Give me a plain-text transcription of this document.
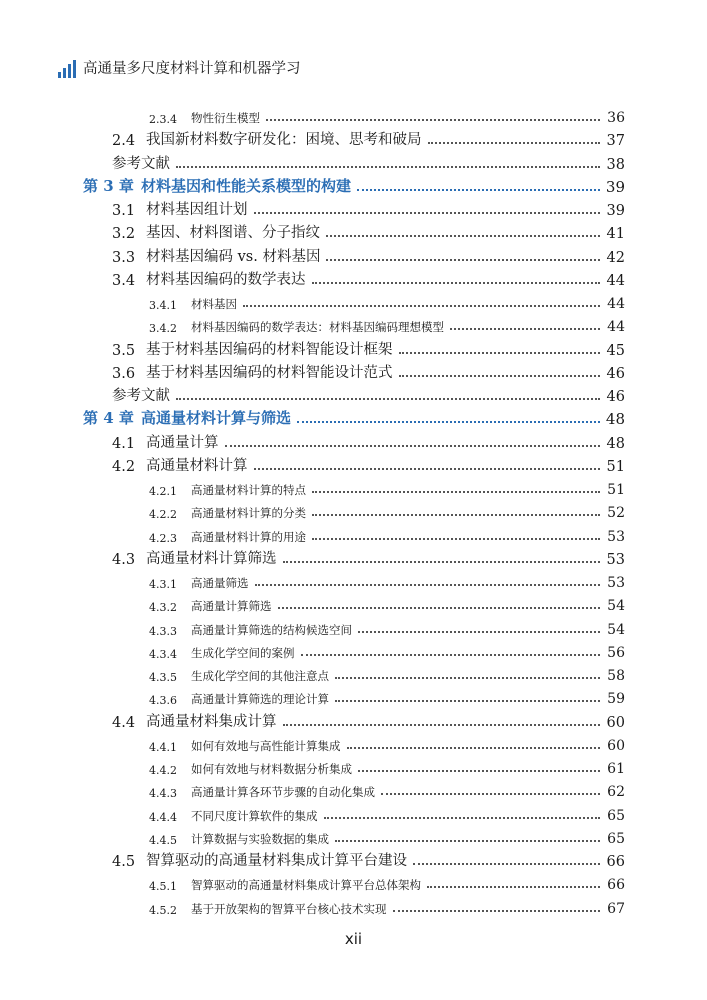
高通量多尺度材料计算和机器学习
2.3.4	物性衍生模型	36
2.4 我国新材料数字研发化：困境、思考和破局	37
参考文献	38
第 3 章 材料基因和性能关系模型的构建	39
3.1 材料基因组计划	39
3.2 基因、材料图谱、分子指纹	41
3.3 材料基因编码 vs. 材料基因	42
3.4 材料基因编码的数学表达	44
3.4.1	材料基因	44
3.4.2	材料基因编码的数学表达：材料基因编码理想模型	44
3.5 基于材料基因编码的材料智能设计框架	45
3.6 基于材料基因编码的材料智能设计范式	46
参考文献	46
第 4 章 高通量材料计算与筛选	48
4.1 高通量计算	48
4.2 高通量材料计算	51
4.2.1	高通量材料计算的特点	51
4.2.2	高通量材料计算的分类	52
4.2.3	高通量材料计算的用途	53
4.3 高通量材料计算筛选	53
4.3.1	高通量筛选	53
4.3.2	高通量计算筛选	54
4.3.3	高通量计算筛选的结构候选空间	54
4.3.4	生成化学空间的案例	56
4.3.5	生成化学空间的其他注意点	58
4.3.6	高通量计算筛选的理论计算	59
4.4 高通量材料集成计算	60
4.4.1	如何有效地与高性能计算集成	60
4.4.2	如何有效地与材料数据分析集成	61
4.4.3	高通量计算各环节步骤的自动化集成	62
4.4.4	不同尺度计算软件的集成	65
4.4.5	计算数据与实验数据的集成	65
4.5 智算驱动的高通量材料集成计算平台建设	66
4.5.1	智算驱动的高通量材料集成计算平台总体架构	66
4.5.2	基于开放架构的智算平台核心技术实现	67
xii
